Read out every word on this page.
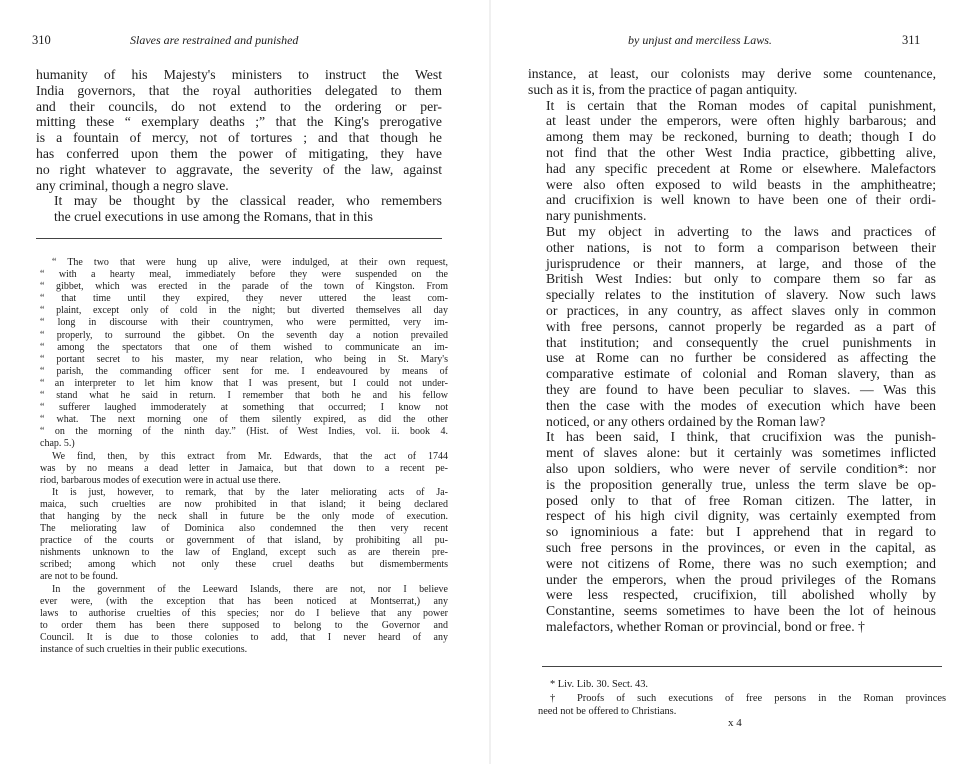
310	Slaves are restrained and punished

humanity of his Majesty's ministers to instruct the West
India governors, that the royal authorities delegated to them
and their councils, do not extend to the ordering or per-
mitting these “ exemplary deaths ;” that the King's prerogative
is a fountain of mercy, not of tortures ; and that though he
has conferred upon them the power of mitigating, they have
no right whatever to aggravate, the severity of the law, against
any criminal, though a negro slave.

It may be thought by the classical reader, who remembers
the cruel executions in use among the Romans, that in this

“ The two that were hung up alive, were indulged, at their own request,
“ with a hearty meal, immediately before they were suspended on the
“ gibbet, which was erected in the parade of the town of Kingston. From
“ that time until they expired, they never uttered the least com-
“ plaint, except only of cold in the night; but diverted themselves all day
“ long in discourse with their countrymen, who were permitted, very im-
“ properly, to surround the gibbet. On the seventh day a notion prevailed
“ among the spectators that one of them wished to communicate an im-
“ portant secret to his master, my near relation, who being in St. Mary's
“ parish, the commanding officer sent for me. I endeavoured by means of
“ an interpreter to let him know that I was present, but I could not under-
“ stand what he said in return. I remember that both he and his fellow
“ sufferer laughed immoderately at something that occurred; I know not
“ what. The next morning one of them silently expired, as did the other
“ on the morning of the ninth day.” (Hist. of West Indies, vol. ii. book 4.
chap. 5.)

We find, then, by this extract from Mr. Edwards, that the act of 1744
was by no means a dead letter in Jamaica, but that down to a recent pe-
riod, barbarous modes of execution were in actual use there.

It is just, however, to remark, that by the later meliorating acts of Ja-
maica, such cruelties are now prohibited in that island; it being declared
that hanging by the neck shall in future be the only mode of execution.
The meliorating law of Dominica also condemned the then very recent
practice of the courts or government of that island, by prohibiting all pu-
nishments unknown to the law of England, except such as are therein pre-
scribed; among which not only these cruel deaths but dismemberments
are not to be found.

In the government of the Leeward Islands, there are not, nor I believe
ever were, (with the exception that has been noticed at Montserrat,) any
laws to authorise cruelties of this species; nor do I believe that any power
to order them has been there supposed to belong to the Governor and
Council. It is due to those colonies to add, that I never heard of any
instance of such cruelties in their public executions.

by unjust and merciless Laws.	311

instance, at least, our colonists may derive some countenance,
such as it is, from the practice of pagan antiquity.

It is certain that the Roman modes of capital punishment,
at least under the emperors, were often highly barbarous; and
among them may be reckoned, burning to death; though I do
not find that the other West India practice, gibbetting alive,
had any specific precedent at Rome or elsewhere. Malefactors
were also often exposed to wild beasts in the amphitheatre;
and crucifixion is well known to have been one of their ordi-
nary punishments.

But my object in adverting to the laws and practices of
other nations, is not to form a comparison between their
jurisprudence or their manners, at large, and those of the
British West Indies: but only to compare them so far as
specially relates to the institution of slavery. Now such laws
or practices, in any country, as affect slaves only in common
with free persons, cannot properly be regarded as a part of
that institution; and consequently the cruel punishments in
use at Rome can no further be considered as affecting the
comparative estimate of colonial and Roman slavery, than as
they are found to have been peculiar to slaves. — Was this
then the case with the modes of execution which have been
noticed, or any others ordained by the Roman law?

It has been said, I think, that crucifixion was the punish-
ment of slaves alone: but it certainly was sometimes inflicted
also upon soldiers, who were never of servile condition*: nor
is the proposition generally true, unless the term slave be op-
posed only to that of free Roman citizen. The latter, in
respect of his high civil dignity, was certainly exempted from
so ignominious a fate: but I apprehend that in regard to
such free persons in the provinces, or even in the capital, as
were not citizens of Rome, there was no such exemption; and
under the emperors, when the proud privileges of the Romans
were less respected, crucifixion, till abolished wholly by
Constantine, seems sometimes to have been the lot of heinous
malefactors, whether Roman or provincial, bond or free. †

* Liv. Lib. 30. Sect. 43.

† Proofs of such executions of free persons in the Roman provinces
need not be offered to Christians.

x 4
